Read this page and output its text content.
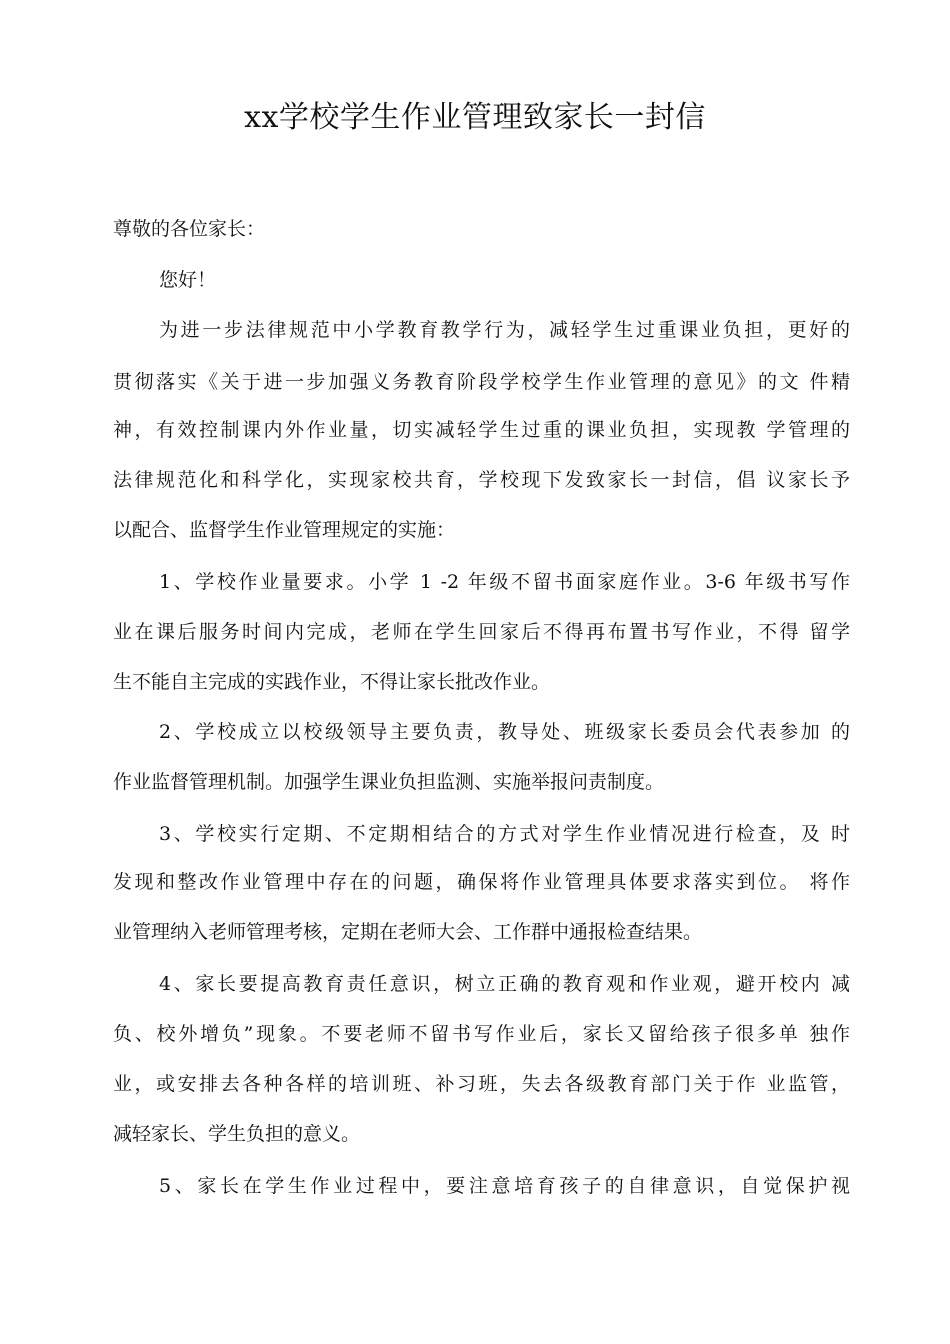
xx学校学生作业管理致家长一封信
尊敬的各位家长：
您好！
为进一步法律规范中小学教育教学行为，减轻学生过重课业负担，更好的
贯彻落实《关于进一步加强义务教育阶段学校学生作业管理的意见》的文 件精
神，有效控制课内外作业量，切实减轻学生过重的课业负担，实现教 学管理的
法律规范化和科学化，实现家校共育，学校现下发致家长一封信，倡 议家长予
以配合、监督学生作业管理规定的实施：
1、学校作业量要求。小学 1 -2 年级不留书面家庭作业。3-6 年级书写作
业在课后服务时间内完成，老师在学生回家后不得再布置书写作业，不得 留学
生不能自主完成的实践作业，不得让家长批改作业。
2、学校成立以校级领导主要负责，教导处、班级家长委员会代表参加 的
作业监督管理机制。加强学生课业负担监测、实施举报问责制度。
3、学校实行定期、不定期相结合的方式对学生作业情况进行检查，及 时
发现和整改作业管理中存在的问题，确保将作业管理具体要求落实到位。 将作
业管理纳入老师管理考核，定期在老师大会、工作群中通报检查结果。
4、家长要提高教育责任意识，树立正确的教育观和作业观，避开校内 减
负、校外增负”现象。不要老师不留书写作业后，家长又留给孩子很多单 独作
业，或安排去各种各样的培训班、补习班，失去各级教育部门关于作 业监管，
减轻家长、学生负担的意义。
5、家长在学生作业过程中，要注意培育孩子的自律意识，自觉保护视
